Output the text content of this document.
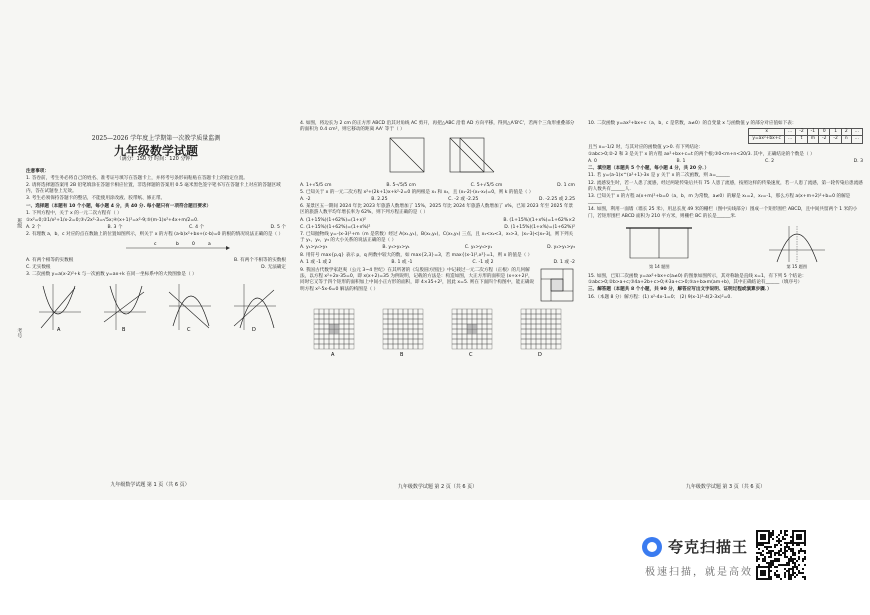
班级
考号
2025—2026 学年度上学期第一次教学质量监测
九年级数学试题
（满分：150 分 时间：120 分钟）
注意事项：
1. 答卷前，考生务必将自己的姓名、准考证号填写在答题卡上，并将考号条形码粘贴在答题卡上的指定位置。
2. 请将选择题答案用 2B 铅笔填涂在答题卡相应位置，非选择题的答案用 0.5 毫米黑色签字笔书写在答题卡上对应的答题区域内，答在试题卷上无效。
3. 考生必须保持答题卡的整洁，不能使用涂改液、胶带纸、修正带。
一、选择题（本题有 10 个小题，每小题 4 分，共 40 分. 每小题只有一项符合题目要求）
1. 下列方程中，关于 x 的一元二次方程有（ ）
①x²=0;②1/x²+1/x-2=0;③√2x²-3=√5x;④(x+1)²=x²-9;⑤(m-1)x²+4x+m/2=0.
A. 2 个	B. 3 个	C. 4 个	D. 5 个
2. 有理数 a，b，c 对应的点在数轴上的位置如图所示，则关于 x 的方程 (a-b)x²+bx+(c-b)=0 的根的情况说法正确的是（ ）
c	b	0	a
A. 有两个相等的实数根	B. 有两个不相等的实数根
C. 无实数根	D. 无法确定
3. 二次函数 y=a(x-2)²+k 与一次函数 y=ax+k 在同一坐标系中的大致图象是（ ）
A	B	C	D
九年级数学试题 第 1 页（共 6 页）
4. 如图，将边长为 2 cm 的正方形 ABCD 沿其对角线 AC 剪开，再把△ABC 沿着 AD 方向平移，得到△A'B'C'，若两个三角形重叠部分的面积为 0.4 cm²，则它移动的距离 AA' 等于（ ）
A. 1+√5/5 cm	B. 5-√5/5 cm	C. 5+√5/5 cm	D. 1 cm
5. 已知关于 x 的一元二次方程 x²+(2k+1)x+k²-2=0 的两根是 x₁ 和 x₂，且 (x₁-2)·(x₁-x₂)=0，则 k 的值是（ ）
A. -2	B. 2.25	C. -2 或 -2.25	D. -2.25 或 2.25
6. 某景区五一期间 2024 年比 2023 年旅游人数增加了 15%，2025 年比 2024 年旅游人数增加了 x%，已知 2023 年至 2025 年景区的旅游人数平均年增长率为 62%，则下列方程正确的是（ ）
A. (1+15%)(1+62%)=(1+x)²	B. (1+15%)(1+x%)=1+62%×2
C. (1+15%)(1+62%)=(1+x%)²	D. (1+15%)(1+x%)=(1+62%)²
7. 已知抛物线 y=-(x-3)²+m（m 是常数）经过 A(x₁,y₁)，B(x₂,y₂)，C(x₃,y₃) 三点，且 x₁<x₂<3，x₃>3，|x₁-3|<|x₃-3|，则下列关于 y₁，y₂，y₃ 的大小关系的说法正确的是（ ）
A. y₁>y₂>y₃	B. y₃>y₂>y₁	C. y₂>y₃>y₁	D. y₂>y₁>y₃
8. 用符号 max{p,q} 表示 p，q 两数中较大的数，如 max{2,3}=3，若 max{(x-1)²,x²}=1，则 x 的值是（ ）
A. 1 或 -1 或 2	B. 1 或 -1	C. -1 或 2	D. 1 或 -2
9. 我国古代数学家赵爽（公元 3~4 世纪）在其所著的《勾股圆方图注》中记载过一元二次方程（正根）的几何解法，以方程 x²+2x-35=0，即 x(x+2)=35 为例说明，记载的方法是：构造如图，大正方形的面积是 (x+x+2)²，同时它又等于四个矩形的面积加上中间小正方形的面积，即 4×35+2²，因此 x=5. 则在下面四个构图中，能正确说明方程 x²-5x-6=0 解法的构图是（ ）
A	B	C	D
九年级数学试题 第 2 页（共 6 页）
10. 二次函数 y=ax²+bx+c（a，b，c 是常数，a≠0）的自变量 x 与函数值 y 的部分对应值如下表：
x	…	-2	-1	0	1	2	…
y=ax²+bx+c	…	t	m	-2	-2	n	…
且当 x=-1/2 时，与其对应的函数值 y>0. 有下列结论：
①abc>0;②-2 和 3 是关于 x 的方程 ax²+bx+c=t 的两个根;③0<m+n<20/3. 其中，正确结论的个数是（ ）
A. 0	B. 1	C. 2	D. 3
二、填空题（本题共 5 个小题，每小题 4 分，共 20 分．）
11. 若 y=(a-1)x^(a²+1)-3x 是 y 关于 x 的二次函数，则 a=______
12. 流感发生时，若一人患了流感，经过两轮传染后共有 75 人患了流感，按照这样的传染速度，若一人患了流感，第一轮传染后患流感的人数共有______人.
13. 已知关于 x 的方程 a(x+m)²+b=0（a，b，m 为常数，a≠0）的解是 x₁=2，x₂=-1，那么方程 a(x+m+2)²+b=0 的解是______
14. 如图，利用一面墙（墙长 25 米），用总长度 49 米的栅栏（图中实线部分）围成一个矩形围栏 ABCD，且中间共留两个 1 米的小门，若矩形围栏 ABCD 面积为 210 平方米，则栅栏 BC 的长是______米.
第 14 题图	第 15 题图
15. 如图，已知二次函数 y=ax²+bx+c(a≠0) 的图象如图所示，其对称轴是直线 x=1，有下列 5 个结论：①abc>0;②b>a+c;③4a+2b+c>0;④3a+c>0;⑤a+b≥m(am+b)，其中正确结论有______（填序号）
三、解答题（本题共 8 个小题，共 90 分，解答应写出文字说明、证明过程或演算步骤．）
16.（本题 8 分）解方程：(1) x²-4x-1=0； (2) 9(x-1)²-4(2-3x)²=0.
九年级数学试题 第 3 页（共 6 页）
夸克扫描王
极速扫描，就是高效
